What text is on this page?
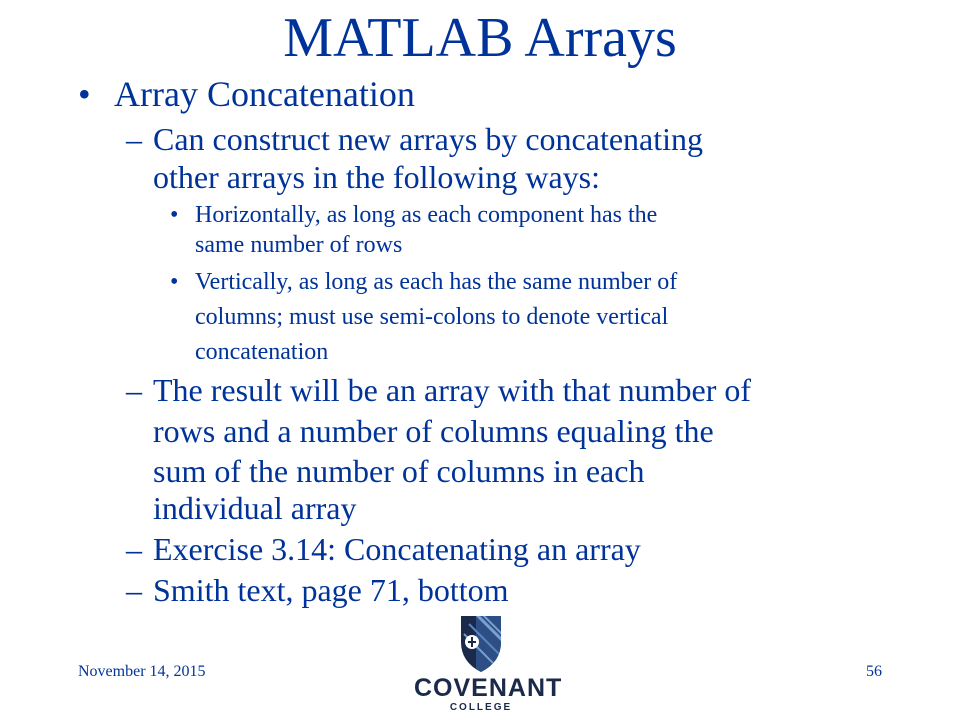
MATLAB Arrays
• Array Concatenation
– Can construct new arrays by concatenating
other arrays in the following ways:
• Horizontally, as long as each component has the
same number of rows
• Vertically, as long as each has the same number of
columns; must use semi-colons to denote vertical
concatenation
– The result will be an array with that number of
rows and a number of columns equaling the
sum of the number of columns in each
individual array
– Exercise 3.14: Concatenating an array
– Smith text, page 71, bottom
November 14, 2015	56
COVENANT
COLLEGE
